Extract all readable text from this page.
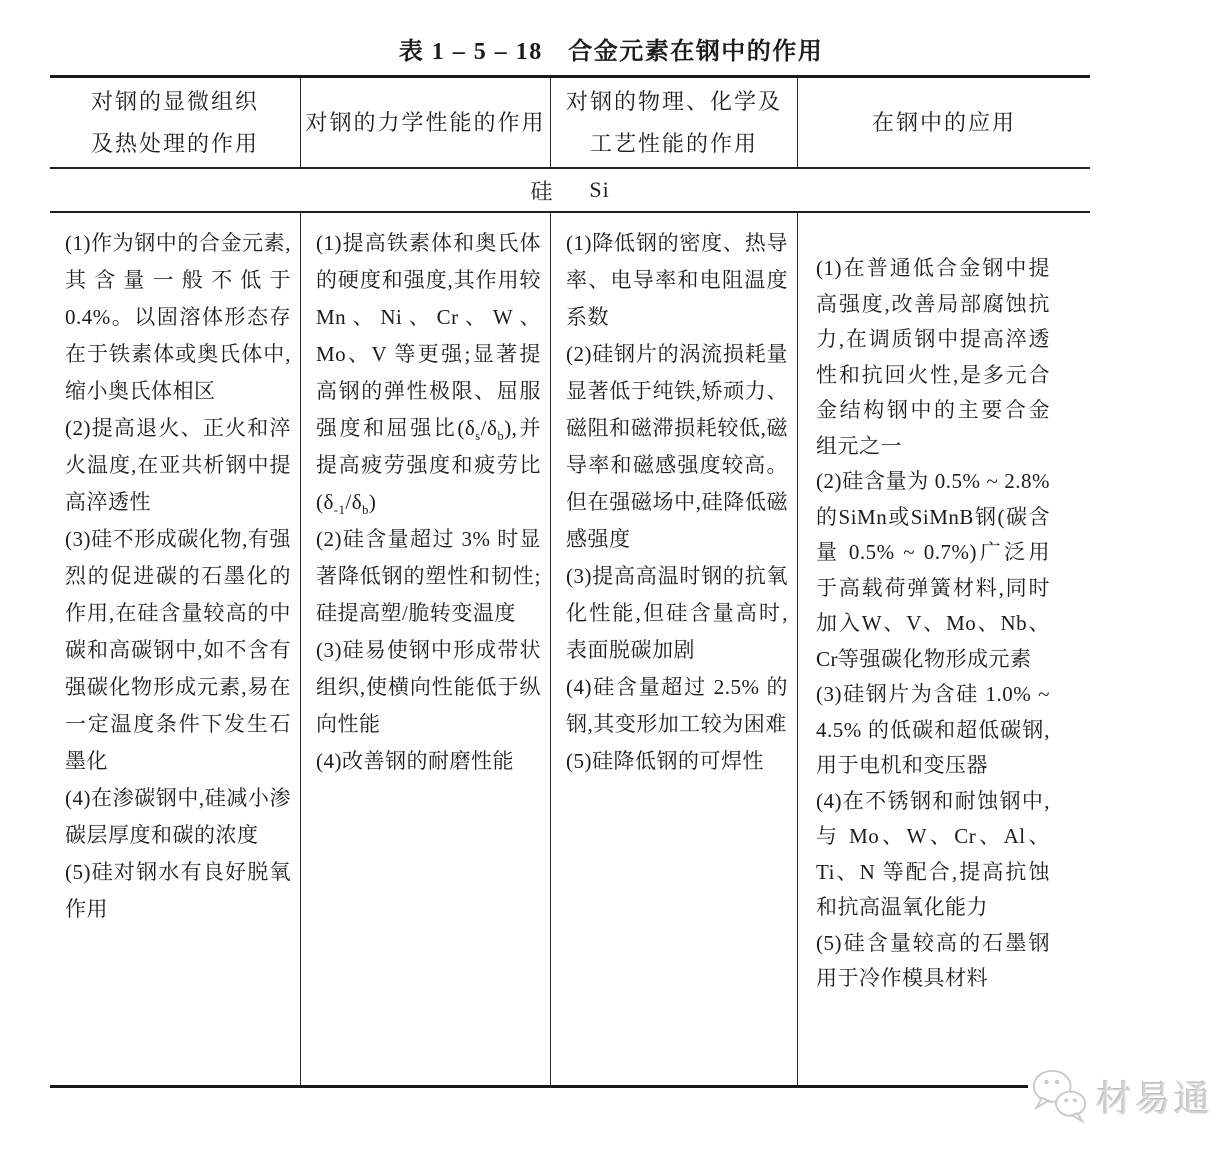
表 1 – 5 – 18　合金元素在钢中的作用
对钢的显微组织
及热处理的作用
对钢的力学性能的作用
对钢的物理、化学及
工艺性能的作用
在钢中的应用
硅 Si

(1)作为钢中的合金元素,其含量一般不低于 0.4%。以固溶体形态存在于铁素体或奥氏体中,缩小奥氏体相区

(2)提高退火、正火和淬火温度,在亚共析钢中提高淬透性

(3)硅不形成碳化物,有强烈的促进碳的石墨化的作用,在硅含量较高的中碳和高碳钢中,如不含有强碳化物形成元素,易在一定温度条件下发生石墨化

(4)在渗碳钢中,硅减小渗碳层厚度和碳的浓度

(5)硅对钢水有良好脱氧作用

(1)提高铁素体和奥氏体的硬度和强度,其作用较 Mn、Ni、Cr、W、Mo、V 等更强;显著提高钢的弹性极限、屈服强度和屈强比$(\delta_s/\delta_b)$,并提高疲劳强度和疲劳比$(\delta_{-1}/\delta_b)$

(2)硅含量超过 3% 时显著降低钢的塑性和韧性;硅提高塑/脆转变温度

(3)硅易使钢中形成带状组织,使横向性能低于纵向性能

(4)改善钢的耐磨性能

(1)降低钢的密度、热导率、电导率和电阻温度系数

(2)硅钢片的涡流损耗量显著低于纯铁,矫顽力、磁阻和磁滞损耗较低,磁导率和磁感强度较高。但在强磁场中,硅降低磁感强度

(3)提高高温时钢的抗氧化性能,但硅含量高时,表面脱碳加剧

(4)硅含量超过 2.5% 的钢,其变形加工较为困难

(5)硅降低钢的可焊性

(1)在普通低合金钢中提高强度,改善局部腐蚀抗力,在调质钢中提高淬透性和抗回火性,是多元合金结构钢中的主要合金组元之一

(2)硅含量为 0.5% ~ 2.8% 的SiMn或SiMnB钢(碳含量 0.5% ~ 0.7%)广泛用于高载荷弹簧材料,同时加入W、V、Mo、Nb、Cr等强碳化物形成元素

(3)硅钢片为含硅 1.0% ~ 4.5% 的低碳和超低碳钢,用于电机和变压器

(4)在不锈钢和耐蚀钢中,与 Mo、W、Cr、Al、Ti、N 等配合,提高抗蚀和抗高温氧化能力

(5)硅含量较高的石墨钢用于冷作模具材料

材易通
